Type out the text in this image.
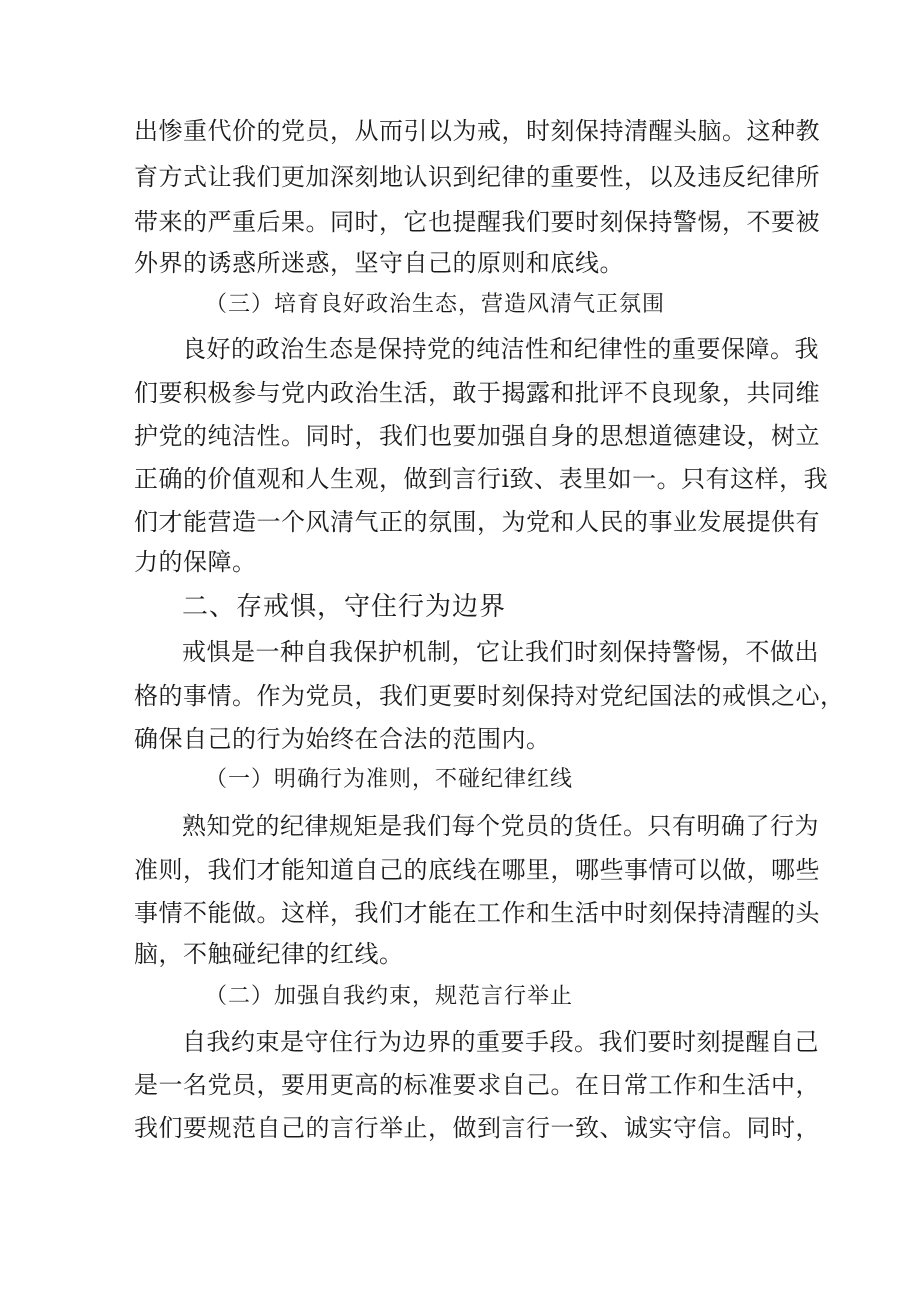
出惨重代价的党员，从而引以为戒，时刻保持清醒头脑。这种教
育方式让我们更加深刻地认识到纪律的重要性，以及违反纪律所
带来的严重后果。同时，它也提醒我们要时刻保持警惕，不要被
外界的诱惑所迷惑，坚守自己的原则和底线。
（三）培育良好政治生态，营造风清气正氛围
良好的政治生态是保持党的纯洁性和纪律性的重要保障。我
们要积极参与党内政治生活，敢于揭露和批评不良现象，共同维
护党的纯洁性。同时，我们也要加强自身的思想道德建设，树立
正确的价值观和人生观，做到言行i致、表里如一。只有这样，我
们才能营造一个风清气正的氛围，为党和人民的事业发展提供有
力的保障。
二、存戒惧，守住行为边界
戒惧是一种自我保护机制，它让我们时刻保持警惕，不做出
格的事情。作为党员，我们更要时刻保持对党纪国法的戒惧之心，
确保自己的行为始终在合法的范围内。
（一）明确行为准则，不碰纪律红线
熟知党的纪律规矩是我们每个党员的货任。只有明确了行为
准则，我们才能知道自己的底线在哪里，哪些事情可以做，哪些
事情不能做。这样，我们才能在工作和生活中时刻保持清醒的头
脑，不触碰纪律的红线。
（二）加强自我约束，规范言行举止
自我约束是守住行为边界的重要手段。我们要时刻提醒自己
是一名党员，要用更高的标准要求自己。在日常工作和生活中，
我们要规范自己的言行举止，做到言行一致、诚实守信。同时，
